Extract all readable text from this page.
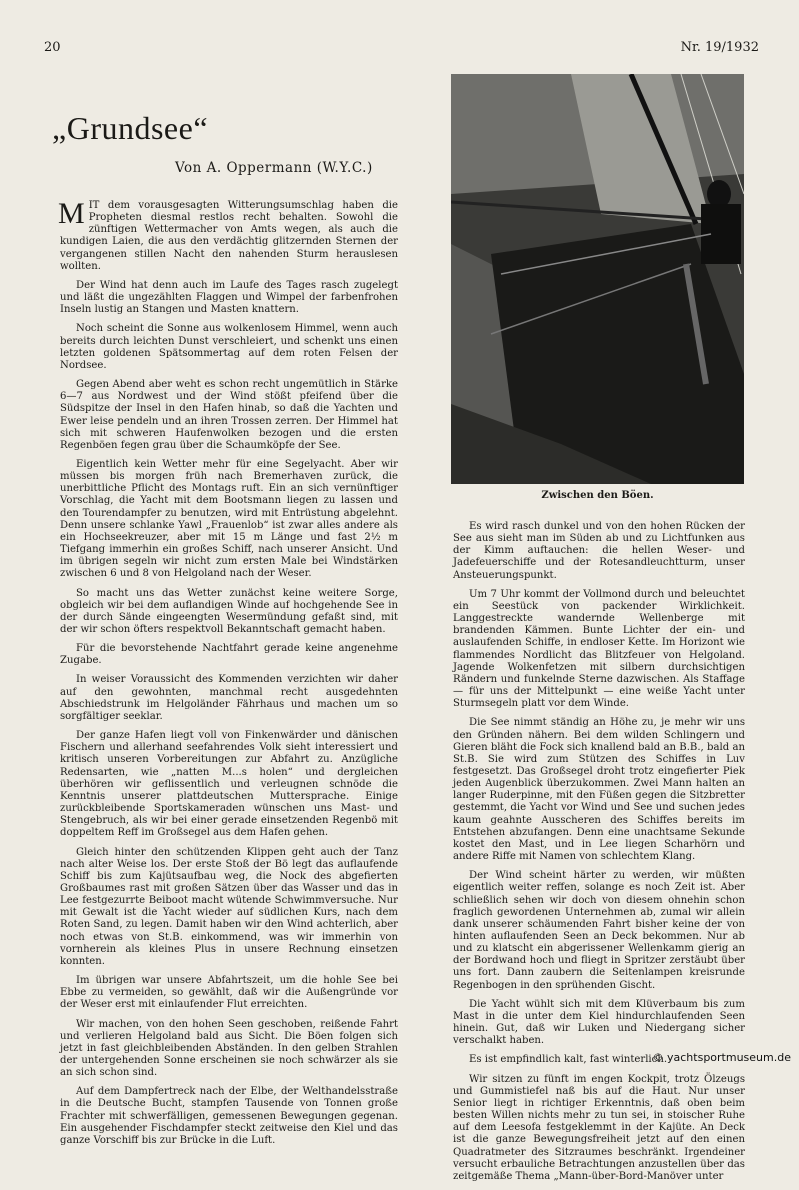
20	Nr. 19/1932
„Grundsee“
Von A. Oppermann (W.Y.C.)

MIT dem vorausgesagten Witterungsumschlag haben die Propheten diesmal restlos recht behalten. Sowohl die zünftigen Wettermacher von Amts wegen, als auch die kundigen Laien, die aus den verdächtig glitzernden Sternen der vergangenen stillen Nacht den nahenden Sturm herauslesen wollten.

Der Wind hat denn auch im Laufe des Tages rasch zugelegt und läßt die ungezählten Flaggen und Wimpel der farbenfrohen Inseln lustig an Stangen und Masten knattern.

Noch scheint die Sonne aus wolkenlosem Himmel, wenn auch bereits durch leichten Dunst verschleiert, und schenkt uns einen letzten goldenen Spätsommertag auf dem roten Felsen der Nordsee.

Gegen Abend aber weht es schon recht ungemütlich in Stärke 6—7 aus Nordwest und der Wind stößt pfeifend über die Südspitze der Insel in den Hafen hinab, so daß die Yachten und Ewer leise pendeln und an ihren Trossen zerren. Der Himmel hat sich mit schweren Haufenwolken bezogen und die ersten Regenböen fegen grau über die Schaumköpfe der See.

Eigentlich kein Wetter mehr für eine Segelyacht. Aber wir müssen bis morgen früh nach Bremerhaven zurück, die unerbittliche Pflicht des Montags ruft. Ein an sich vernünftiger Vorschlag, die Yacht mit dem Bootsmann liegen zu lassen und den Tourendampfer zu benutzen, wird mit Entrüstung abgelehnt. Denn unsere schlanke Yawl „Frauenlob“ ist zwar alles andere als ein Hochseekreuzer, aber mit 15 m Länge und fast 2½ m Tiefgang immerhin ein großes Schiff, nach unserer Ansicht. Und im übrigen segeln wir nicht zum ersten Male bei Windstärken zwischen 6 und 8 von Helgoland nach der Weser.

So macht uns das Wetter zunächst keine weitere Sorge, obgleich wir bei dem auflandigen Winde auf hochgehende See in der durch Sände eingeengten Wesermündung gefaßt sind, mit der wir schon öfters respektvoll Bekanntschaft gemacht haben.

Für die bevorstehende Nachtfahrt gerade keine angenehme Zugabe.

In weiser Voraussicht des Kommenden verzichten wir daher auf den gewohnten, manchmal recht ausgedehnten Abschiedstrunk im Helgoländer Fährhaus und machen um so sorgfältiger seeklar.

Der ganze Hafen liegt voll von Finkenwärder und dänischen Fischern und allerhand seefahrendes Volk sieht interessiert und kritisch unseren Vorbereitungen zur Abfahrt zu. Anzügliche Redensarten, wie „natten M...s holen“ und dergleichen überhören wir geflissentlich und verleugnen schnöde die Kenntnis unserer plattdeutschen Muttersprache. Einige zurückbleibende Sportskameraden wünschen uns Mast- und Stengebruch, als wir bei einer gerade einsetzenden Regenbö mit doppeltem Reff im Großsegel aus dem Hafen gehen.

Gleich hinter den schützenden Klippen geht auch der Tanz nach alter Weise los. Der erste Stoß der Bö legt das auflaufende Schiff bis zum Kajütsaufbau weg, die Nock des abgefierten Großbaumes rast mit großen Sätzen über das Wasser und das in Lee festgezurrte Beiboot macht wütende Schwimmversuche. Nur mit Gewalt ist die Yacht wieder auf südlichen Kurs, nach dem Roten Sand, zu legen. Damit haben wir den Wind achterlich, aber noch etwas von St.B. einkommend, was wir immerhin von vornherein als kleines Plus in unsere Rechnung einsetzen konnten.

Im übrigen war unsere Abfahrtszeit, um die hohle See bei Ebbe zu vermeiden, so gewählt, daß wir die Außengründe vor der Weser erst mit einlaufender Flut erreichten.

Wir machen, von den hohen Seen geschoben, reißende Fahrt und verlieren Helgoland bald aus Sicht. Die Böen folgen sich jetzt in fast gleichbleibenden Abständen. In den gelben Strahlen der untergehenden Sonne erscheinen sie noch schwärzer als sie an sich schon sind.

Auf dem Dampfertreck nach der Elbe, der Welthandelsstraße in die Deutsche Bucht, stampfen Tausende von Tonnen große Frachter mit schwerfälligen, gemessenen Bewegungen gegenan. Ein ausgehender Fischdampfer steckt zeitweise den Kiel und das ganze Vorschiff bis zur Brücke in die Luft.

Zwischen den Böen.

Es wird rasch dunkel und von den hohen Rücken der See aus sieht man im Süden ab und zu Lichtfunken aus der Kimm auftauchen: die hellen Weser- und Jadefeuerschiffe und der Rotesandleuchtturm, unser Ansteuerungspunkt.

Um 7 Uhr kommt der Vollmond durch und beleuchtet ein Seestück von packender Wirklichkeit. Langgestreckte wandernde Wellenberge mit brandenden Kämmen. Bunte Lichter der ein- und auslaufenden Schiffe, in endloser Kette. Im Horizont wie flammendes Nordlicht das Blitzfeuer von Helgoland. Jagende Wolkenfetzen mit silbern durchsichtigen Rändern und funkelnde Sterne dazwischen. Als Staffage — für uns der Mittelpunkt — eine weiße Yacht unter Sturmsegeln platt vor dem Winde.

Die See nimmt ständig an Höhe zu, je mehr wir uns den Gründen nähern. Bei dem wilden Schlingern und Gieren bläht die Fock sich knallend bald an B.B., bald an St.B. Sie wird zum Stützen des Schiffes in Luv festgesetzt. Das Großsegel droht trotz eingefierter Piek jeden Augenblick überzukommen. Zwei Mann halten an langer Ruderpinne, mit den Füßen gegen die Sitzbretter gestemmt, die Yacht vor Wind und See und suchen jedes kaum geahnte Ausscheren des Schiffes bereits im Entstehen abzufangen. Denn eine unachtsame Sekunde kostet den Mast, und in Lee liegen Scharhörn und andere Riffe mit Namen von schlechtem Klang.

Der Wind scheint härter zu werden, wir müßten eigentlich weiter reffen, solange es noch Zeit ist. Aber schließlich sehen wir doch von diesem ohnehin schon fraglich gewordenen Unternehmen ab, zumal wir allein dank unserer schäumenden Fahrt bisher keine der von hinten auflaufenden Seen an Deck bekommen. Nur ab und zu klatscht ein abgerissener Wellenkamm gierig an der Bordwand hoch und fliegt in Spritzer zerstäubt über uns fort. Dann zaubern die Seitenlampen kreisrunde Regenbogen in den sprühenden Gischt.

Die Yacht wühlt sich mit dem Klüverbaum bis zum Mast in die unter dem Kiel hindurchlaufenden Seen hinein. Gut, daß wir Luken und Niedergang sicher verschalkt haben.

Es ist empfindlich kalt, fast winterlich.

Wir sitzen zu fünft im engen Kockpit, trotz Ölzeugs und Gummistiefel naß bis auf die Haut. Nur unser Senior liegt in richtiger Erkenntnis, daß oben beim besten Willen nichts mehr zu tun sei, in stoischer Ruhe auf dem Leesofa festgeklemmt in der Kajüte. An Deck ist die ganze Bewegungsfreiheit jetzt auf den einen Quadratmeter des Sitzraumes beschränkt. Irgendeiner versucht erbauliche Betrachtungen anzustellen über das zeitgemäße Thema „Mann-über-Bord-Manöver unter

© yachtsportmuseum.de
